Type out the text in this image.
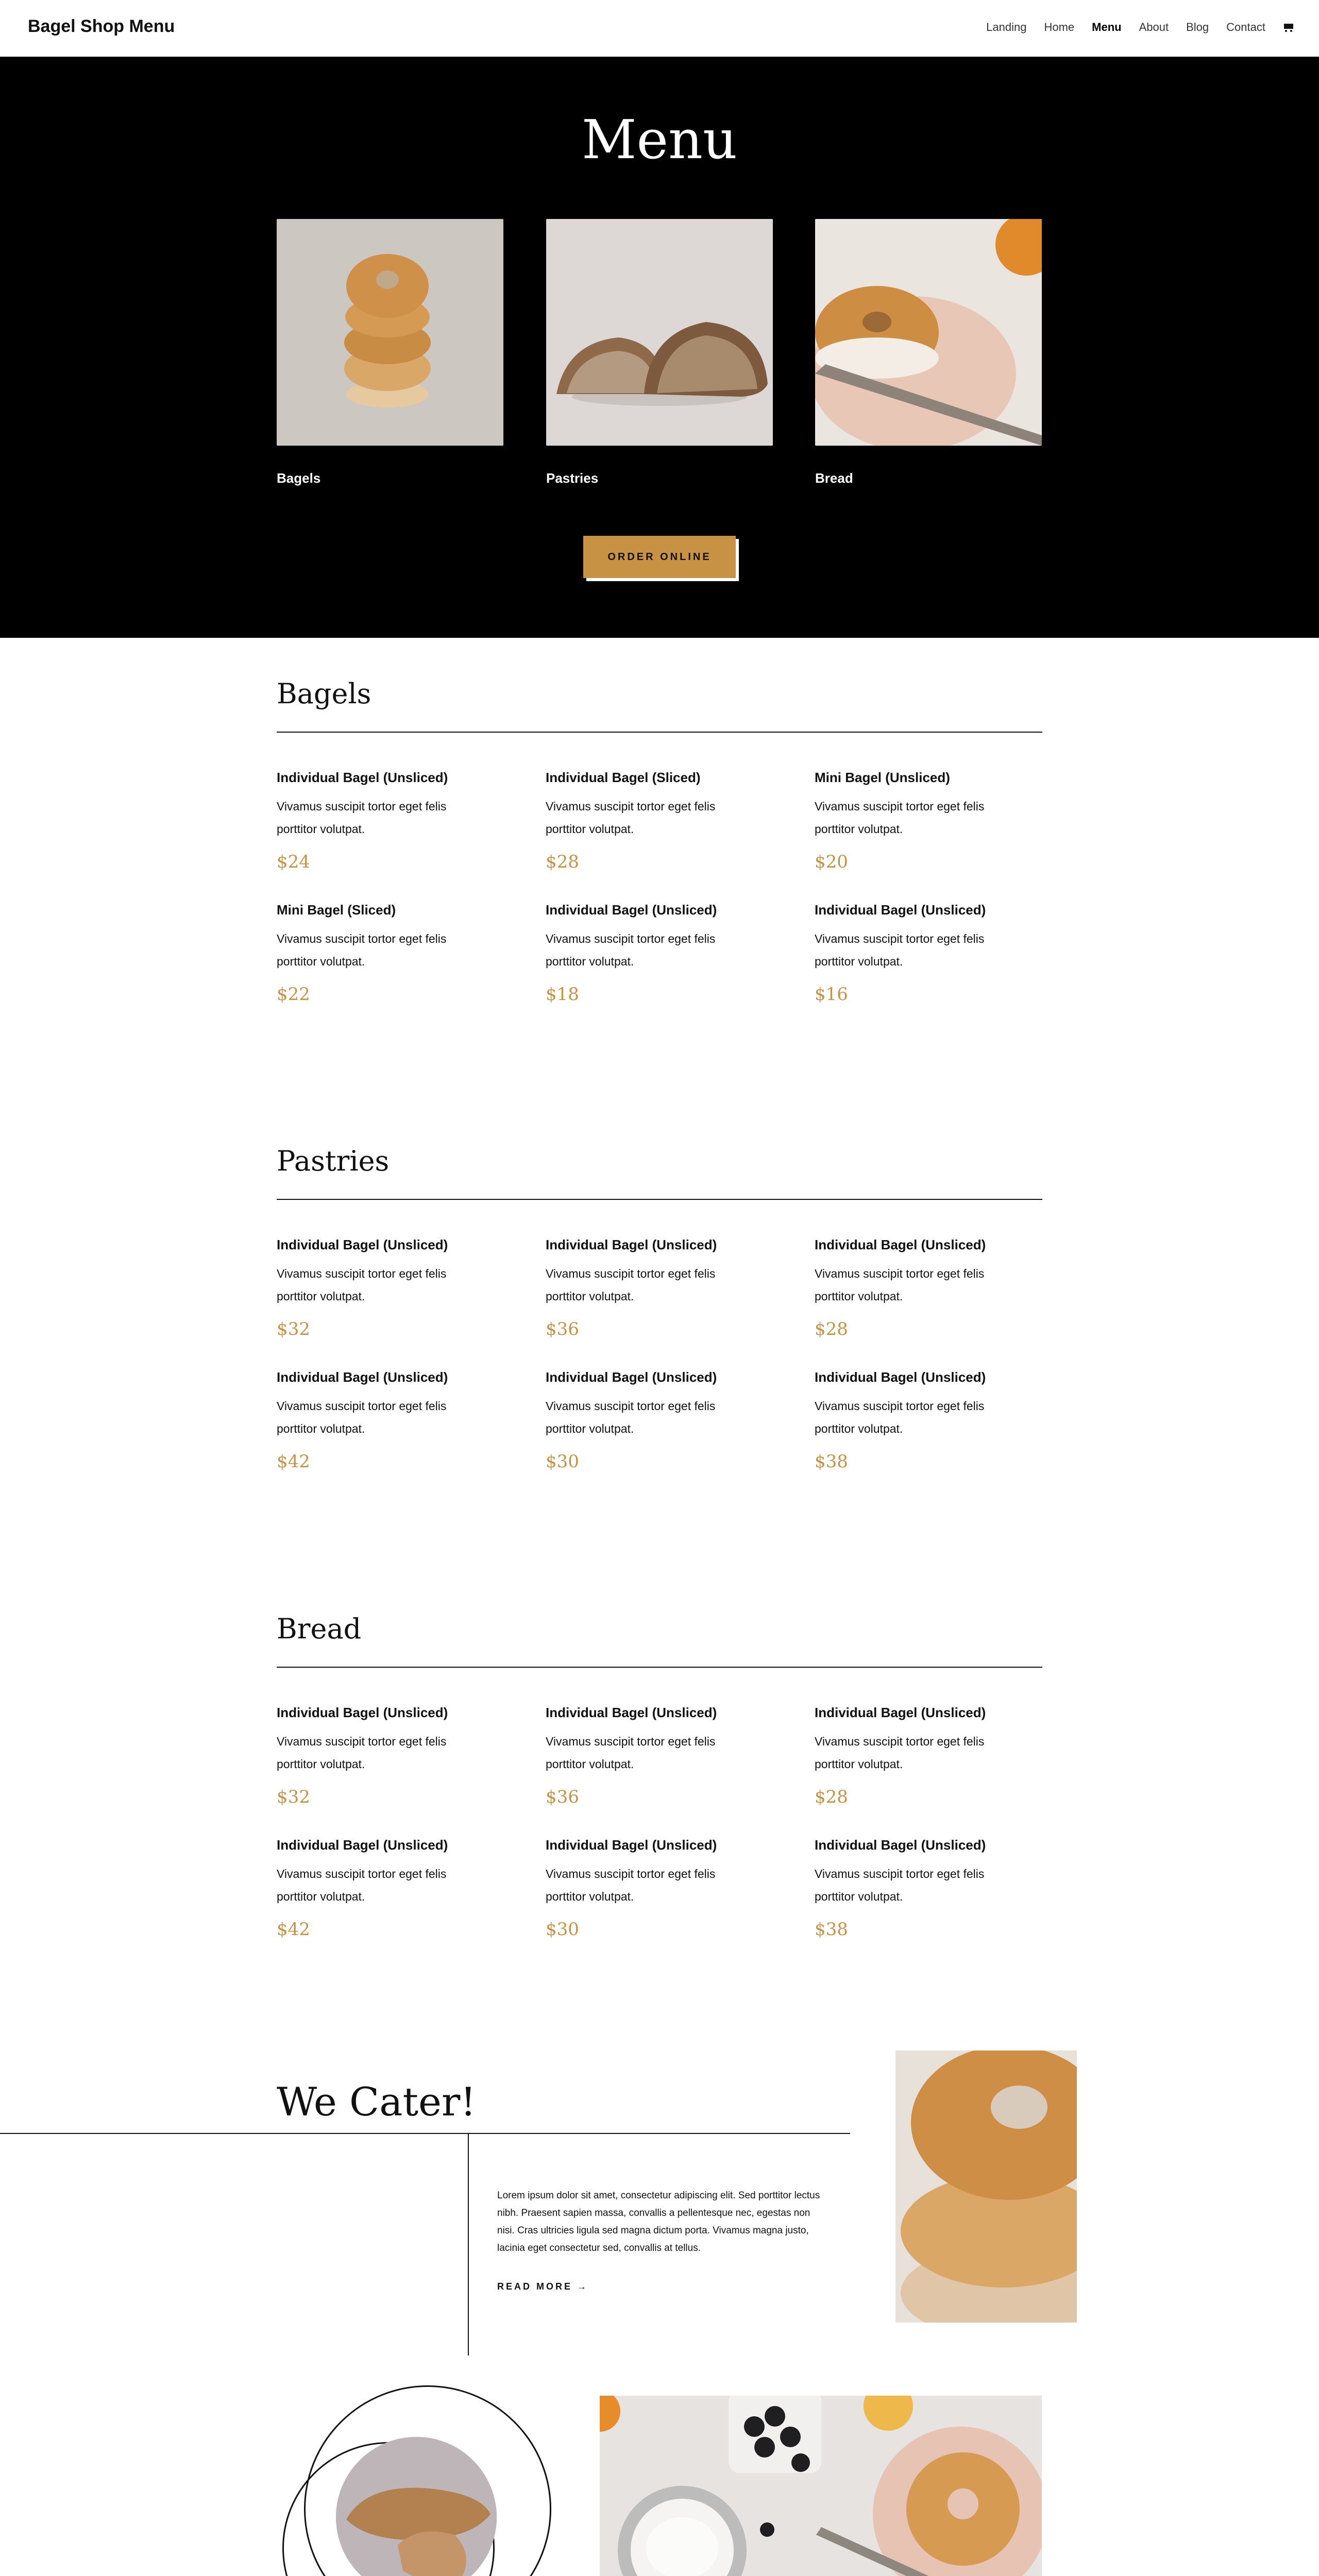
Bagel Shop Menu	Landing Home Menu About Blog Contact
Menu
Bagels	Pastries	Bread
ORDER ONLINE
Bagels
Individual Bagel (Unsliced)

Vivamus suscipit tortor eget felis porttitor volutpat.

$24
Individual Bagel (Sliced)

Vivamus suscipit tortor eget felis porttitor volutpat.

$28
Mini Bagel (Unsliced)

Vivamus suscipit tortor eget felis porttitor volutpat.

$20
Mini Bagel (Sliced)

Vivamus suscipit tortor eget felis porttitor volutpat.

$22
Individual Bagel (Unsliced)

Vivamus suscipit tortor eget felis porttitor volutpat.

$18
Individual Bagel (Unsliced)

Vivamus suscipit tortor eget felis porttitor volutpat.

$16
Pastries
Individual Bagel (Unsliced)

Vivamus suscipit tortor eget felis porttitor volutpat.

$32
Individual Bagel (Unsliced)

Vivamus suscipit tortor eget felis porttitor volutpat.

$36
Individual Bagel (Unsliced)

Vivamus suscipit tortor eget felis porttitor volutpat.

$28
Individual Bagel (Unsliced)

Vivamus suscipit tortor eget felis porttitor volutpat.

$42
Individual Bagel (Unsliced)

Vivamus suscipit tortor eget felis porttitor volutpat.

$30
Individual Bagel (Unsliced)

Vivamus suscipit tortor eget felis porttitor volutpat.

$38
Bread
Individual Bagel (Unsliced)

Vivamus suscipit tortor eget felis porttitor volutpat.

$32
Individual Bagel (Unsliced)

Vivamus suscipit tortor eget felis porttitor volutpat.

$36
Individual Bagel (Unsliced)

Vivamus suscipit tortor eget felis porttitor volutpat.

$28
Individual Bagel (Unsliced)

Vivamus suscipit tortor eget felis porttitor volutpat.

$42
Individual Bagel (Unsliced)

Vivamus suscipit tortor eget felis porttitor volutpat.

$30
Individual Bagel (Unsliced)

Vivamus suscipit tortor eget felis porttitor volutpat.

$38
We Cater!

Lorem ipsum dolor sit amet, consectetur adipiscing elit. Sed porttitor lectus nibh. Praesent sapien massa, convallis a pellentesque nec, egestas non nisi. Cras ultricies ligula sed magna dictum porta. Vivamus magna justo, lacinia eget consectetur sed, convallis at tellus.

READ MORE →
